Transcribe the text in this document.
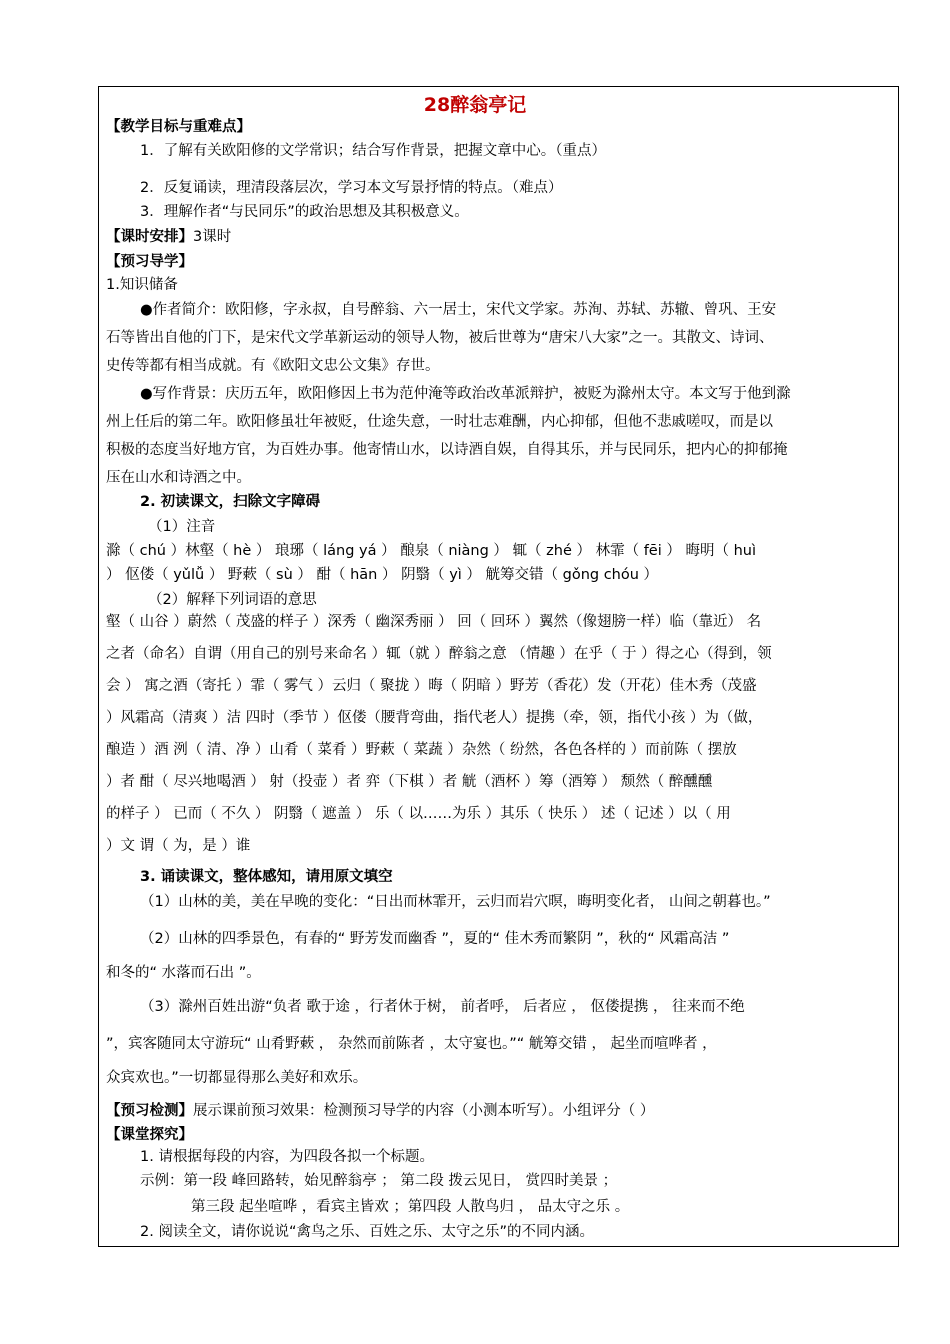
28醉翁亭记
【教学目标与重难点】
1．了解有关欧阳修的文学常识；结合写作背景，把握文章中心。（重点）
2．反复诵读，理清段落层次，学习本文写景抒情的特点。（难点）
3．理解作者“与民同乐”的政治思想及其积极意义。
【课时安排】3课时
【预习导学】
1.知识储备
●作者简介：欧阳修，字永叔，自号醉翁、六一居士，宋代文学家。苏洵、苏轼、苏辙、曾巩、王安
石等皆出自他的门下，是宋代文学革新运动的领导人物，被后世尊为“唐宋八大家”之一。其散文、诗词、
史传等都有相当成就。有《欧阳文忠公文集》存世。
●写作背景：庆历五年，欧阳修因上书为范仲淹等政治改革派辩护，被贬为滁州太守。本文写于他到滁
州上任后的第二年。欧阳修虽壮年被贬，仕途失意，一时壮志难酬，内心抑郁，但他不悲戚嗟叹，而是以
积极的态度当好地方官，为百姓办事。他寄情山水，以诗酒自娱，自得其乐，并与民同乐，把内心的抑郁掩
压在山水和诗酒之中。
2. 初读课文，扫除文字障碍
（1）注音
滁（ chú ）林壑（ hè ） 琅琊（ láng yá ） 酿泉（ niàng ） 辄（ zhé ） 林霏（ fēi ） 晦明（ huì
） 伛偻（ yǔlǚ ） 野蔌（ sù ） 酣（ hān ） 阴翳（ yì ） 觥筹交错（ gǒng chóu ）
（2）解释下列词语的意思
壑（ 山谷 ）蔚然（ 茂盛的样子 ）深秀（ 幽深秀丽 ） 回（ 回环 ）翼然（像翅膀一样）临（靠近） 名
之者（命名）自谓（用自己的别号来命名 ）辄（就 ）醉翁之意 （情趣 ）在乎（ 于 ）得之心（得到，领
会 ） 寓之酒（寄托 ）霏（ 雾气 ）云归（ 聚拢 ）晦（ 阴暗 ）野芳（香花）发（开花）佳木秀（茂盛
）风霜高（清爽 ）洁 四时（季节 ）伛偻（腰背弯曲，指代老人）提携（牵，领，指代小孩 ）为（做，
酿造 ）酒 洌（ 清、净 ）山肴（ 菜肴 ）野蔌（ 菜蔬 ）杂然（ 纷然，各色各样的 ）而前陈（ 摆放
）者 酣（ 尽兴地喝酒 ） 射（投壶 ）者 弈（下棋 ）者 觥（酒杯 ）筹（酒筹 ） 颓然（ 醉醺醺
的样子 ） 已而（ 不久 ） 阴翳（ 遮盖 ） 乐（ 以……为乐 ）其乐（ 快乐 ） 述（ 记述 ）以（ 用
）文 谓（ 为，是 ）谁
3. 诵读课文，整体感知，请用原文填空
（1）山林的美，美在早晚的变化：“日出而林霏开，云归而岩穴暝，晦明变化者， 山间之朝暮也。”
（2）山林的四季景色，有春的“ 野芳发而幽香 ”，夏的“ 佳木秀而繁阴 ”，秋的“ 风霜高洁 ”
和冬的“ 水落而石出 ”。
（3）滁州百姓出游“负者 歌于途 ，行者休于树， 前者呼， 后者应 ， 伛偻提携 ， 往来而不绝
”，宾客随同太守游玩“ 山肴野蔌 ， 杂然而前陈者 ，太守宴也。”“ 觥筹交错 ， 起坐而喧哗者 ，
众宾欢也。”一切都显得那么美好和欢乐。
【预习检测】展示课前预习效果：检测预习导学的内容（小测本听写）。小组评分（ ）
【课堂探究】
1. 请根据每段的内容，为四段各拟一个标题。
示例：第一段 峰回路转，始见醉翁亭 ； 第二段 拨云见日， 赏四时美景 ；
第三段 起坐喧哗 ，看宾主皆欢 ；第四段 人散鸟归 ， 品太守之乐 。
2. 阅读全文，请你说说“禽鸟之乐、百姓之乐、太守之乐”的不同内涵。
